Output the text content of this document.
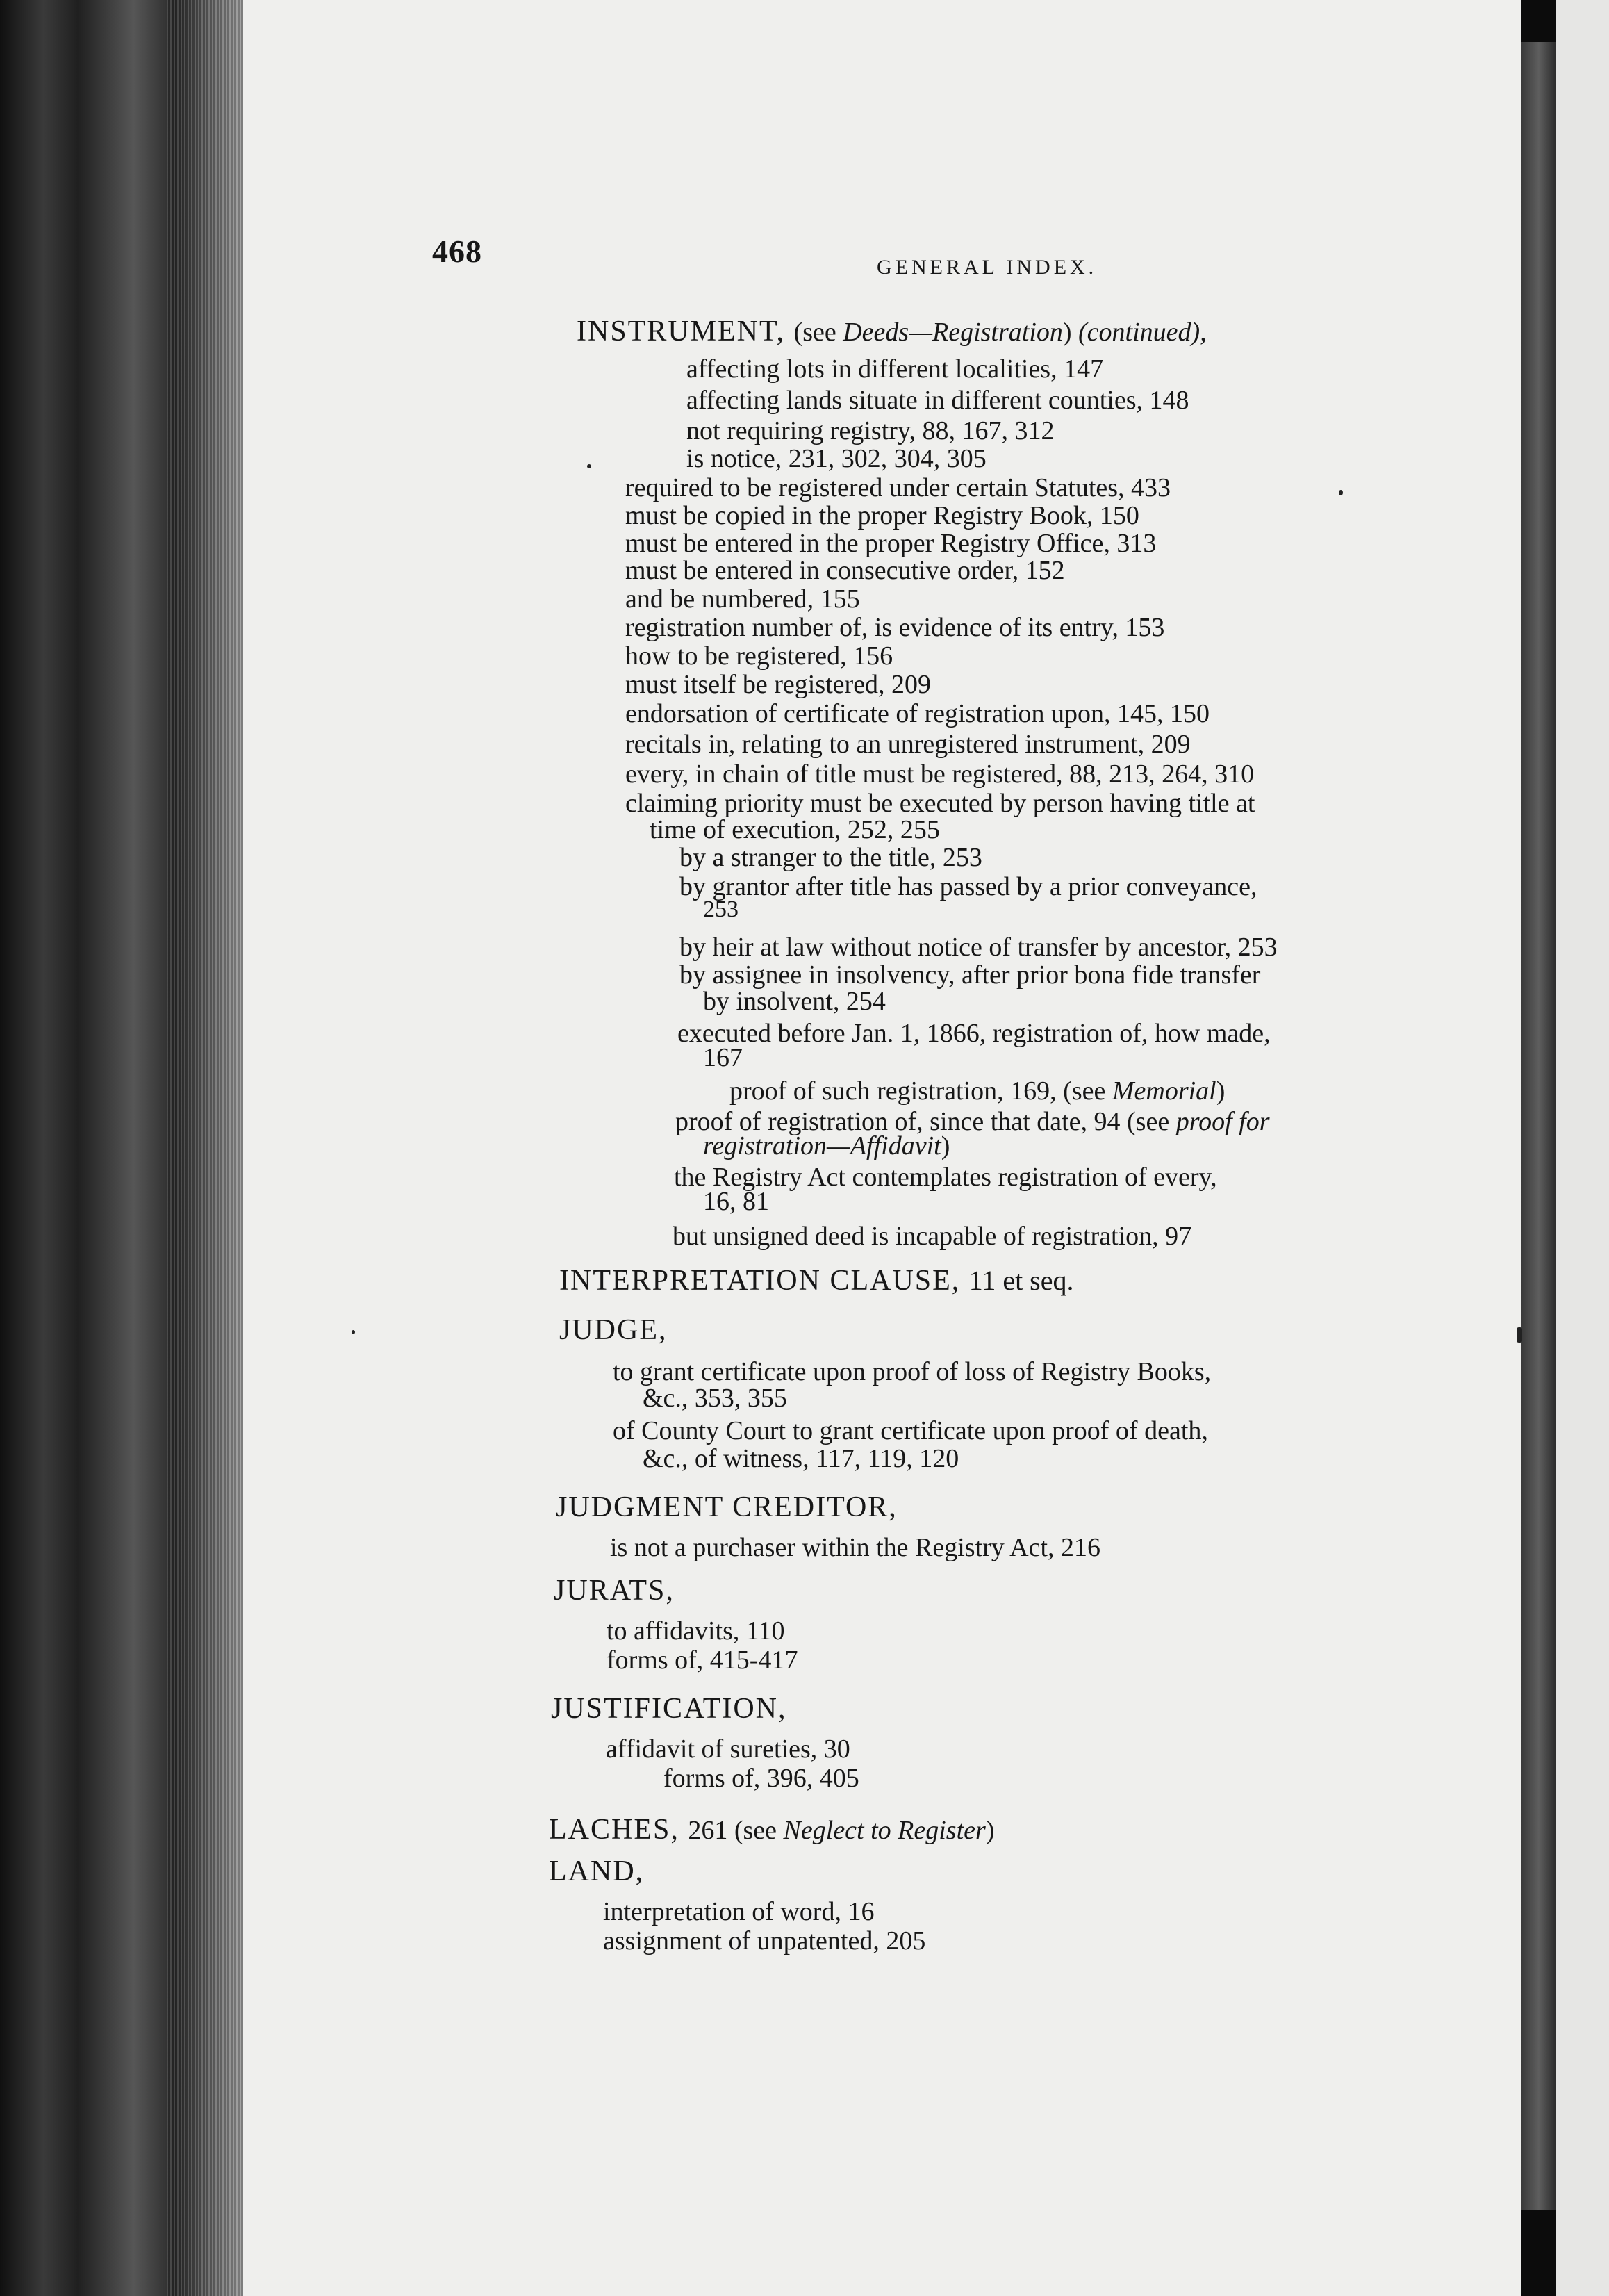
468	GENERAL INDEX.
INSTRUMENT, (see Deeds—Registration) (continued),
affecting lots in different localities, 147
affecting lands situate in different counties, 148
not requiring registry, 88, 167, 312
is notice, 231, 302, 304, 305
required to be registered under certain Statutes, 433
must be copied in the proper Registry Book, 150
must be entered in the proper Registry Office, 313
must be entered in consecutive order, 152
and be numbered, 155
registration number of, is evidence of its entry, 153
how to be registered, 156
must itself be registered, 209
endorsation of certificate of registration upon, 145, 150
recitals in, relating to an unregistered instrument, 209
every, in chain of title must be registered, 88, 213, 264, 310
claiming priority must be executed by person having title at
time of execution, 252, 255
by a stranger to the title, 253
by grantor after title has passed by a prior conveyance,
253
by heir at law without notice of transfer by ancestor, 253
by assignee in insolvency, after prior bona fide transfer
by insolvent, 254
executed before Jan. 1, 1866, registration of, how made,
167
proof of such registration, 169, (see Memorial)
proof of registration of, since that date, 94 (see proof for
registration—Affidavit)
the Registry Act contemplates registration of every,
16, 81
but unsigned deed is incapable of registration, 97
INTERPRETATION CLAUSE, 11 et seq.
JUDGE,
to grant certificate upon proof of loss of Registry Books,
&c., 353, 355
of County Court to grant certificate upon proof of death,
&c., of witness, 117, 119, 120
JUDGMENT CREDITOR,
is not a purchaser within the Registry Act, 216
JURATS,
to affidavits, 110
forms of, 415-417
JUSTIFICATION,
affidavit of sureties, 30
forms of, 396, 405
LACHES, 261 (see Neglect to Register)
LAND,
interpretation of word, 16
assignment of unpatented, 205
